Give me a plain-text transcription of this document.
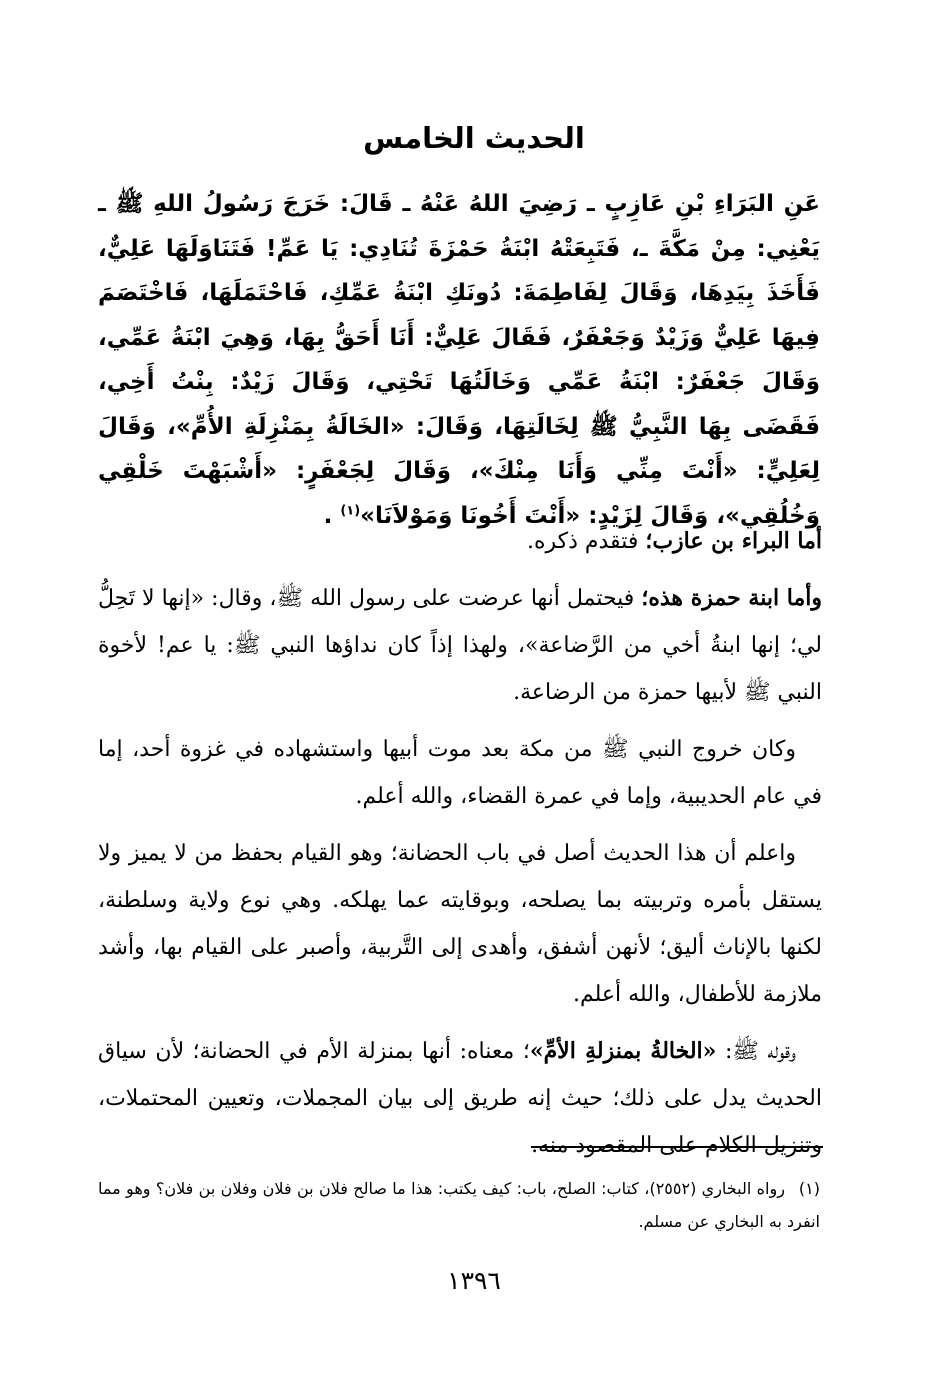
الحديث الخامس
عَنِ البَرَاءِ بْنِ عَازِبٍ ـ رَضِيَ اللهُ عَنْهُ ـ قَالَ: خَرَجَ رَسُولُ اللهِ ﷺ ـ يَعْنِي: مِنْ مَكَّةَ ـ، فَتَبِعَتْهُ ابْنَةُ حَمْزَةَ تُنَادِي: يَا عَمِّ! فَتَنَاوَلَهَا عَلِيٌّ، فَأَخَذَ بِيَدِهَا، وَقَالَ لِفَاطِمَةَ: دُونَكِ ابْنَةُ عَمِّكِ، فَاحْتَمَلَهَا، فَاخْتَصَمَ فِيهَا عَلِيٌّ وَزَيْدٌ وَجَعْفَرٌ، فَقَالَ عَلِيٌّ: أَنَا أَحَقُّ بِهَا، وَهِيَ ابْنَةُ عَمِّي، وَقَالَ جَعْفَرٌ: ابْنَةُ عَمِّي وَخَالَتُهَا تَحْتِي، وَقَالَ زَيْدٌ: بِنْتُ أَخِي، فَقَضَى بِهَا النَّبِيُّ ﷺ لِخَالَتِهَا، وَقَالَ: «الخَالَةُ بِمَنْزِلَةِ الأُمِّ»، وَقَالَ لِعَلِيٍّ: «أَنْتَ مِنِّي وَأَنَا مِنْكَ»، وَقَالَ لِجَعْفَرٍ: «أَشْبَهْتَ خَلْقِي وَخُلُقِي»، وَقَالَ لِزَيْدٍ: «أَنْتَ أَخُونَا وَمَوْلاَنَا»$^{(١)}$ .

أما البراء بن عازب؛ فتقدم ذكره.

وأما ابنة حمزة هذه؛ فيحتمل أنها عرضت على رسول الله ﷺ، وقال: «إنها لا تَحِلُّ لي؛ إنها ابنةُ أخي من الرَّضاعة»، ولهذا إذاً كان نداؤها النبي ﷺ: يا عم! لأخوة النبي ﷺ لأبيها حمزة من الرضاعة.

وكان خروج النبي ﷺ من مكة بعد موت أبيها واستشهاده في غزوة أحد، إما في عام الحديبية، وإما في عمرة القضاء، والله أعلم.

واعلم أن هذا الحديث أصل في باب الحضانة؛ وهو القيام بحفظ من لا يميز ولا يستقل بأمره وتربيته بما يصلحه، وبوقايته عما يهلكه. وهي نوع ولاية وسلطنة، لكنها بالإناث أليق؛ لأنهن أشفق، وأهدى إلى التَّربية، وأصبر على القيام بها، وأشد ملازمة للأطفال، والله أعلم.

وقوله ﷺ: «الخالةُ بمنزلةِ الأمِّ»؛ معناه: أنها بمنزلة الأم في الحضانة؛ لأن سياق الحديث يدل على ذلك؛ حيث إنه طريق إلى بيان المجملات، وتعيين المحتملات، وتنزيل الكلام على المقصود منه.

(١)رواه البخاري (٢٥٥٢)، كتاب: الصلح، باب: كيف يكتب: هذا ما صالح فلان بن فلان وفلان بن فلان؟ وهو مما انفرد به البخاري عن مسلم.
١٣٩٦
